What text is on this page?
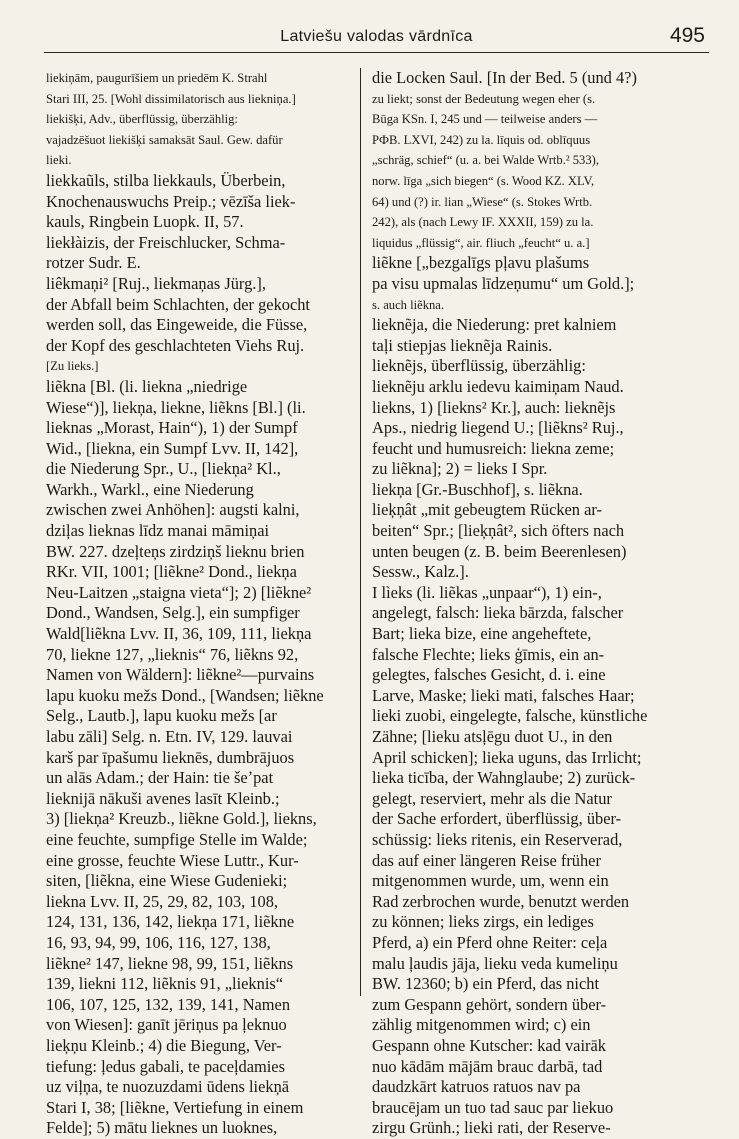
Latviešu valodas vārdnīca	495
liekiņām, paugurīšiem un priedēm K. Strahl
Stari III, 25. [Wohl dissimilatorisch aus liekniņa.]
liekišķi, Adv., überflüssig, überzählig:
vajadzēšuot liekišķi samaksāt Saul. Gew. dafür
lieki.
liekkaũls, stilba liekkauls, Überbein,
Knochenauswuchs Preip.; vēzīša liek-
kauls, Ringbein Luopk. II, 57.
liekłàizis, der Freischlucker, Schma-
rotzer Sudr. E.
liêkmaņi² [Ruj., liekmaņas Jürg.],
der Abfall beim Schlachten, der gekocht
werden soll, das Eingeweide, die Füsse,
der Kopf des geschlachteten Viehs Ruj.
[Zu lieks.]
liẽkna [Bl. (li. liekna „niedrige
Wiese“)], liekņa, liekne, liẽkns [Bl.] (li.
lieknas „Morast, Hain“), 1) der Sumpf
Wid., [liekna, ein Sumpf Lvv. II, 142],
die Niederung Spr., U., [liekņa² Kl.,
Warkh., Warkl., eine Niederung
zwischen zwei Anhöhen]: augsti kalni,
dziļas lieknas līdz manai māmiņai
BW. 227. dzeļteņs zirdziņš lieknu brien
RKr. VII, 1001; [liẽkne² Dond., liekņa
Neu-Laitzen „staigna vieta“]; 2) [liẽkne²
Dond., Wandsen, Selg.], ein sumpfiger
Wald[liẽkna Lvv. II, 36, 109, 111, liekņa
70, liekne 127, „lieknis“ 76, liẽkns 92,
Namen von Wäldern]: liẽkne²—purvains
lapu kuoku mežs Dond., [Wandsen; liẽkne
Selg., Lautb.], lapu kuoku mežs [ar
labu zāli] Selg. n. Etn. IV, 129. lauvai
karš par īpašumu lieknēs, dumbrājuos
un alās Adam.; der Hain: tie šeʼpat
lieknijā nākuši avenes lasīt Kleinb.;
3) [liekņa² Kreuzb., liẽkne Gold.], liekns,
eine feuchte, sumpfige Stelle im Walde;
eine grosse, feuchte Wiese Luttr., Kur-
siten, [liẽkna, eine Wiese Gudenieki;
liekna Lvv. II, 25, 29, 82, 103, 108,
124, 131, 136, 142, liekņa 171, liẽkne
16, 93, 94, 99, 106, 116, 127, 138,
liẽkne² 147, liekne 98, 99, 151, liẽkns
139, liekni 112, liẽknis 91, „lieknis“
106, 107, 125, 132, 139, 141, Namen
von Wiesen]: ganīt jēriņus pa ļeknuo
lieķņu Kleinb.; 4) die Biegung, Ver-
tiefung: ļedus gabali, te paceļdamies
uz viļņa, te nuozuzdami ūdens liekņā
Stari I, 38; [liẽkne, Vertiefung in einem
Felde]; 5) mātu lieknes un luoknes,
die Locken Saul. [In der Bed. 5 (und 4?)
zu liekt; sonst der Bedeutung wegen eher (s.
Būga KSn. I, 245 und — teilweise anders —
PФB. LXVI, 242) zu la. līquis od. oblīquus
„schräg, schief“ (u. a. bei Walde Wrtb.² 533),
norw. līga „sich biegen“ (s. Wood KZ. XLV,
64) und (?) ir. lian „Wiese“ (s. Stokes Wrtb.
242), als (nach Lewy IF. XXXII, 159) zu la.
liquidus „flüssig“, air. fliuch „feucht“ u. a.]
liẽkne [„bezgalīgs pļavu plašums
pa visu upmalas līdzeņumu“ um Gold.];
s. auch liẽkna.
lieknẽja, die Niederung: pret kalniem
taļi stiepjas lieknẽja Rainis.
lieknẽjs, überflüssig, überzählig:
lieknẽju arklu iedevu kaimiņam Naud.
liekns, 1) [liekns² Kr.], auch: lieknẽjs
Aps., niedrig liegend U.; [liẽkns² Ruj.,
feucht und humusreich: liekna zeme;
zu liẽkna]; 2) = lieks I Spr.
liekņa [Gr.-Buschhof], s. liẽkna.
lieķņât „mit gebeugtem Rücken ar-
beiten“ Spr.; [lieķņât², sich öfters nach
unten beugen (z. B. beim Beerenlesen)
Sessw., Kalz.].
I lìeks (li. liẽkas „unpaar“), 1) ein-,
angelegt, falsch: lieka bārzda, falscher
Bart; lieka bize, eine angeheftete,
falsche Flechte; lieks ģīmis, ein an-
gelegtes, falsches Gesicht, d. i. eine
Larve, Maske; lieki mati, falsches Haar;
lieki zuobi, eingelegte, falsche, künstliche
Zähne; [lieku atsļēgu duot U., in den
April schicken]; lieka uguns, das Irrlicht;
lieka ticība, der Wahnglaube; 2) zurück-
gelegt, reserviert, mehr als die Natur
der Sache erfordert, überflüssig, über-
schüssig: lieks ritenis, ein Reserverad,
das auf einer längeren Reise früher
mitgenommen wurde, um, wenn ein
Rad zerbrochen wurde, benutzt werden
zu können; lieks zirgs, ein lediges
Pferd, a) ein Pferd ohne Reiter: ceļa
malu ļaudis jāja, lieku veda kumeliņu
BW. 12360; b) ein Pferd, das nicht
zum Gespann gehört, sondern über-
zählig mitgenommen wird; c) ein
Gespann ohne Kutscher: kad vairāk
nuo kādām mājām brauc darbā, tad
daudzkārt katruos ratuos nav pa
braucējam un tuo tad sauc par liekuo
zirgu Grünh.; lieki rati, der Reserve-
